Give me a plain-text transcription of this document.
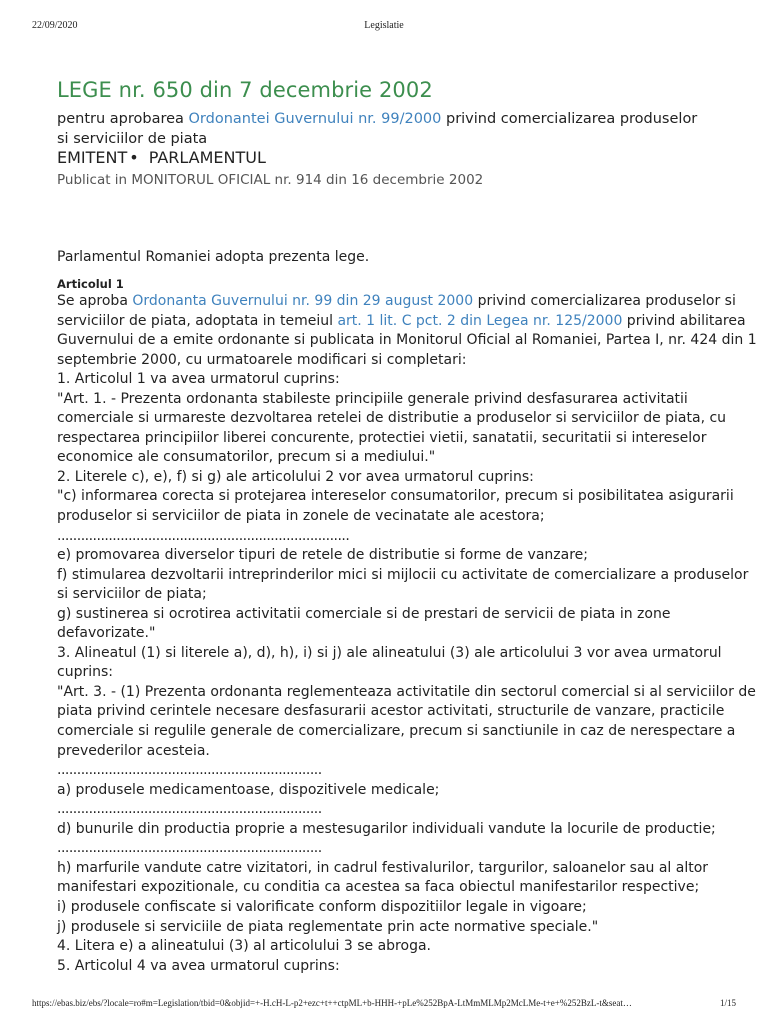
22/09/2020	Legislatie
LEGE nr. 650 din 7 decembrie 2002
pentru aprobarea Ordonantei Guvernului nr. 99/2000 privind comercializarea produselor si serviciilor de piata
EMITENT • PARLAMENTUL
Publicat in MONITORUL OFICIAL nr. 914 din 16 decembrie 2002
Parlamentul Romaniei adopta prezenta lege.
Articolul 1
Se aproba Ordonanta Guvernului nr. 99 din 29 august 2000 privind comercializarea produselor si
serviciilor de piata, adoptata in temeiul art. 1 lit. C pct. 2 din Legea nr. 125/2000 privind abilitarea
Guvernului de a emite ordonante si publicata in Monitorul Oficial al Romaniei, Partea I, nr. 424 din 1
septembrie 2000, cu urmatoarele modificari si completari:
1. Articolul 1 va avea urmatorul cuprins:
"Art. 1. - Prezenta ordonanta stabileste principiile generale privind desfasurarea activitatii
comerciale si urmareste dezvoltarea retelei de distributie a produselor si serviciilor de piata, cu
respectarea principiilor liberei concurente, protectiei vietii, sanatatii, securitatii si intereselor
economice ale consumatorilor, precum si a mediului."
2. Literele c), e), f) si g) ale articolului 2 vor avea urmatorul cuprins:
"c) informarea corecta si protejarea intereselor consumatorilor, precum si posibilitatea asigurarii
produselor si serviciilor de piata in zonele de vecinatate ale acestora;
..........................................................................
e) promovarea diverselor tipuri de retele de distributie si forme de vanzare;
f) stimularea dezvoltarii intreprinderilor mici si mijlocii cu activitate de comercializare a produselor
si serviciilor de piata;
g) sustinerea si ocrotirea activitatii comerciale si de prestari de servicii de piata in zone
defavorizate."
3. Alineatul (1) si literele a), d), h), i) si j) ale alineatului (3) ale articolului 3 vor avea urmatorul
cuprins:
"Art. 3. - (1) Prezenta ordonanta reglementeaza activitatile din sectorul comercial si al serviciilor de
piata privind cerintele necesare desfasurarii acestor activitati, structurile de vanzare, practicile
comerciale si regulile generale de comercializare, precum si sanctiunile in caz de nerespectare a
prevederilor acesteia.
...................................................................
a) produsele medicamentoase, dispozitivele medicale;
...................................................................
d) bunurile din productia proprie a mestesugarilor individuali vandute la locurile de productie;
...................................................................
h) marfurile vandute catre vizitatori, in cadrul festivalurilor, targurilor, saloanelor sau al altor
manifestari expozitionale, cu conditia ca acestea sa faca obiectul manifestarilor respective;
i) produsele confiscate si valorificate conform dispozitiilor legale in vigoare;
j) produsele si serviciile de piata reglementate prin acte normative speciale."
4. Litera e) a alineatului (3) al articolului 3 se abroga.
5. Articolul 4 va avea urmatorul cuprins:
https://ebas.biz/ebs/?locale=ro#m=Legislation/tbid=0&objid=+-H.cH-L-p2+ezc+t++ctpML+b-HHH-+pLe%252BpA-LtMmMLMp2McLMe-t+e+%252BzL-t&seat…	1/15
